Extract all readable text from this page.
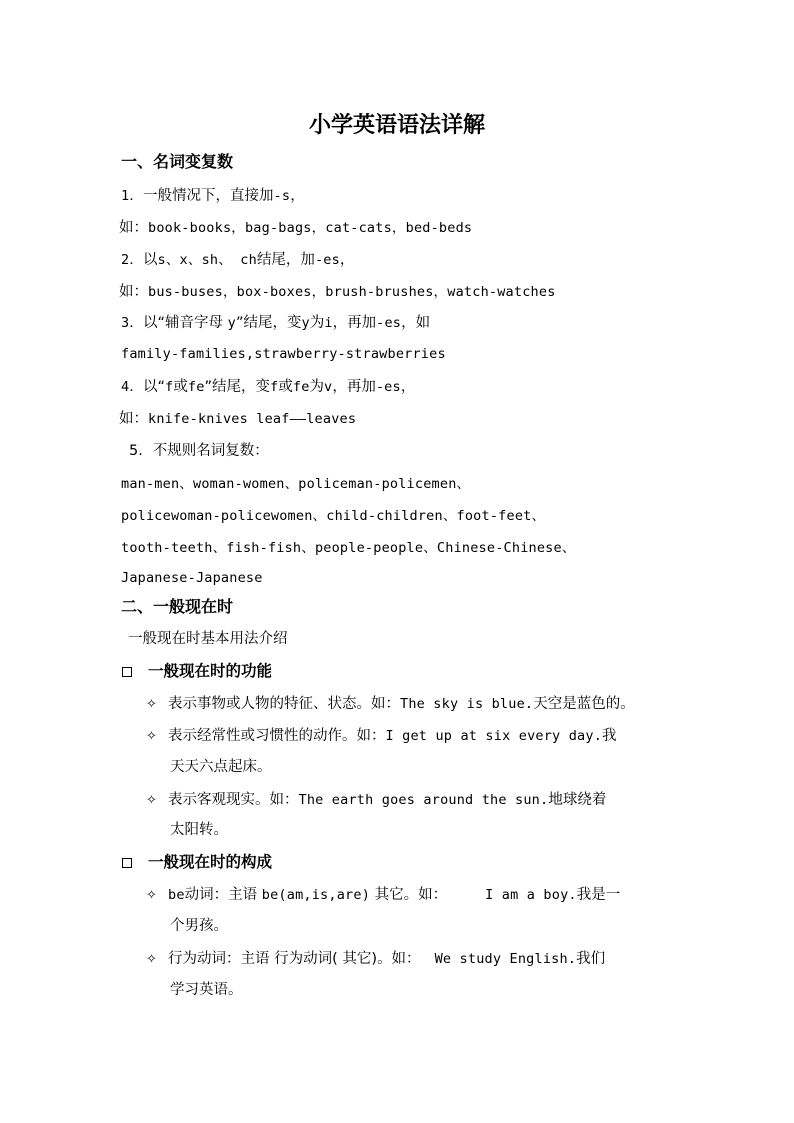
小学英语语法详解
一、名词变复数
1．一般情况下，直接加-s，
如：book-books，bag-bags，cat-cats，bed-beds
2．以s、x、sh、 ch结尾，加-es，
如：bus-buses，box-boxes，brush-brushes，watch-watches
3．以“辅音字母 y”结尾，变y为i，再加-es，如
family-families,strawberry-strawberries
4．以“f或fe”结尾，变f或fe为v，再加-es，
如：knife-knives leaf——leaves
5．不规则名词复数：
man-men、woman-women、policeman-policemen、
policewoman-policewomen、child-children、foot-feet、
tooth-teeth、fish-fish、people-people、Chinese-Chinese、
Japanese-Japanese
二、一般现在时
一般现在时基本用法介绍
一般现在时的功能
✧ 表示事物或人物的特征、状态。如：The sky is blue.天空是蓝色的。
✧ 表示经常性或习惯性的动作。如：I get up at six every day.我
天天六点起床。
✧ 表示客观现实。如：The earth goes around the sun.地球绕着
太阳转。
一般现在时的构成
✧ be动词：主语 be(am,is,are) 其它。如：	I am a boy.我是一
个男孩。
✧ 行为动词：主语 行为动词( 其它)。如： We study English.我们
学习英语。
